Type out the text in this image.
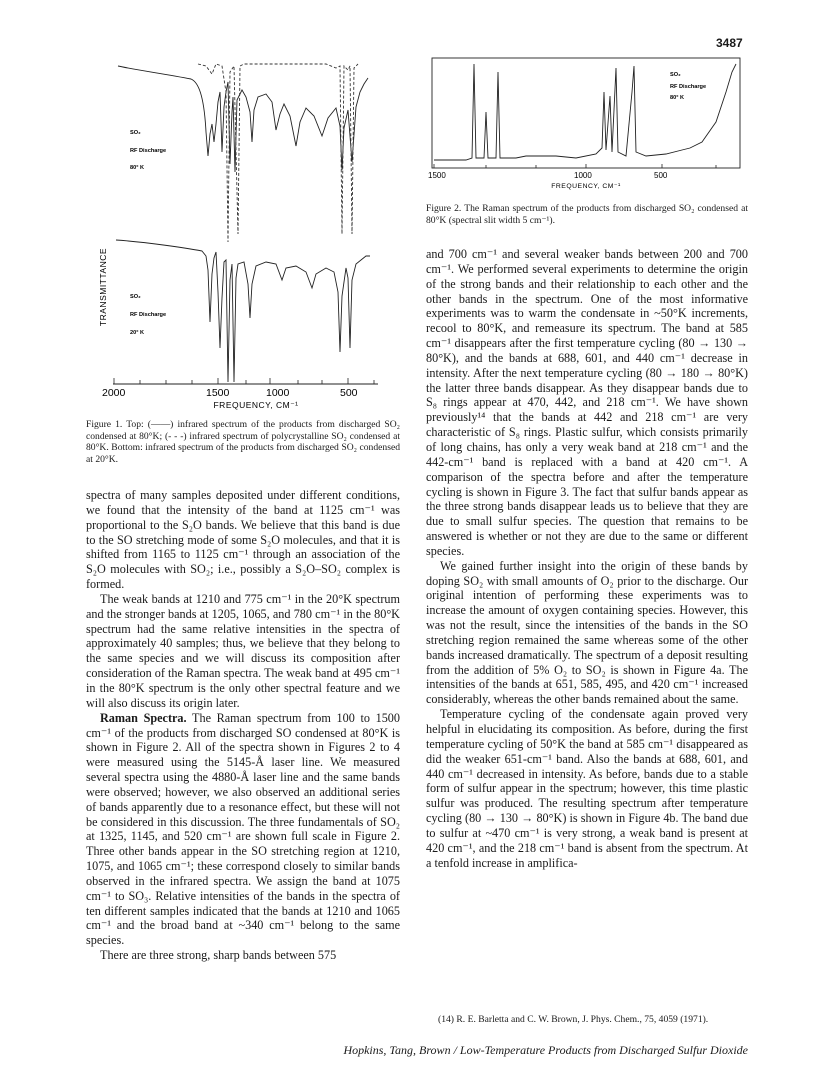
3487
TRANSMITTANCE
SO₂
RF Discharge
80° K
SO₂
RF Discharge
20° K
2000	1500	1000	500
FREQUENCY, CM⁻¹
Figure 1. Top: (——) infrared spectrum of the products from discharged SO₂ condensed at 80°K; (- - -) infrared spectrum of polycrystalline SO₂ condensed at 80°K. Bottom: infrared spectrum of the products from discharged SO₂ condensed at 20°K.
SO₂
RF Discharge
80° K
1500	1000	500
FREQUENCY, CM⁻¹
Figure 2. The Raman spectrum of the products from discharged SO₂ condensed at 80°K (spectral slit width 5 cm⁻¹).

spectra of many samples deposited under different conditions, we found that the intensity of the band at 1125 cm⁻¹ was proportional to the S₂O bands. We believe that this band is due to the SO stretching mode of some S₂O molecules, and that it is shifted from 1165 to 1125 cm⁻¹ through an association of the S₂O molecules with SO₂; i.e., possibly a S₂O–SO₂ complex is formed.

The weak bands at 1210 and 775 cm⁻¹ in the 20°K spectrum and the stronger bands at 1205, 1065, and 780 cm⁻¹ in the 80°K spectrum had the same relative intensities in the spectra of approximately 40 samples; thus, we believe that they belong to the same species and we will discuss its composition after consideration of the Raman spectra. The weak band at 495 cm⁻¹ in the 80°K spectrum is the only other spectral feature and we will also discuss its origin later.

Raman Spectra. The Raman spectrum from 100 to 1500 cm⁻¹ of the products from discharged SO condensed at 80°K is shown in Figure 2. All of the spectra shown in Figures 2 to 4 were measured using the 5145-Å laser line. We measured several spectra using the 4880-Å laser line and the same bands were observed; however, we also observed an additional series of bands apparently due to a resonance effect, but these will not be considered in this discussion. The three fundamentals of SO₂ at 1325, 1145, and 520 cm⁻¹ are shown full scale in Figure 2. Three other bands appear in the SO stretching region at 1210, 1075, and 1065 cm⁻¹; these correspond closely to similar bands observed in the infrared spectra. We assign the band at 1075 cm⁻¹ to SO₃. Relative intensities of the bands in the spectra of ten different samples indicated that the bands at 1210 and 1065 cm⁻¹ and the broad band at ~340 cm⁻¹ belong to the same species.

There are three strong, sharp bands between 575

and 700 cm⁻¹ and several weaker bands between 200 and 700 cm⁻¹. We performed several experiments to determine the origin of the strong bands and their relationship to each other and the other bands in the spectrum. One of the most informative experiments was to warm the condensate in ~50°K increments, recool to 80°K, and remeasure its spectrum. The band at 585 cm⁻¹ disappears after the first temperature cycling (80 → 130 → 80°K), and the bands at 688, 601, and 440 cm⁻¹ decrease in intensity. After the next temperature cycling (80 → 180 → 80°K) the latter three bands disappear. As they disappear bands due to S₈ rings appear at 470, 442, and 218 cm⁻¹. We have shown previously¹⁴ that the bands at 442 and 218 cm⁻¹ are very characteristic of S₈ rings. Plastic sulfur, which consists primarily of long chains, has only a very weak band at 218 cm⁻¹ and the 442-cm⁻¹ band is replaced with a band at 420 cm⁻¹. A comparison of the spectra before and after the temperature cycling is shown in Figure 3. The fact that sulfur bands appear as the three strong bands disappear leads us to believe that they are due to small sulfur species. The question that remains to be answered is whether or not they are due to the same or different species.

We gained further insight into the origin of these bands by doping SO₂ with small amounts of O₂ prior to the discharge. Our original intention of performing these experiments was to increase the amount of oxygen containing species. However, this was not the result, since the intensities of the bands in the SO stretching region remained the same whereas some of the other bands increased dramatically. The spectrum of a deposit resulting from the addition of 5% O₂ to SO₂ is shown in Figure 4a. The intensities of the bands at 651, 585, 495, and 420 cm⁻¹ increased considerably, whereas the other bands remained about the same.

Temperature cycling of the condensate again proved very helpful in elucidating its composition. As before, during the first temperature cycling of 50°K the band at 585 cm⁻¹ disappeared as did the weaker 651-cm⁻¹ band. Also the bands at 688, 601, and 440 cm⁻¹ decreased in intensity. As before, bands due to a stable form of sulfur appear in the spectrum; however, this time plastic sulfur was produced. The resulting spectrum after temperature cycling (80 → 130 → 80°K) is shown in Figure 4b. The band due to sulfur at ~470 cm⁻¹ is very strong, a weak band is present at 420 cm⁻¹, and the 218 cm⁻¹ band is absent from the spectrum. At a tenfold increase in amplifica-

(14) R. E. Barletta and C. W. Brown, J. Phys. Chem., 75, 4059 (1971).
Hopkins, Tang, Brown / Low-Temperature Products from Discharged Sulfur Dioxide
